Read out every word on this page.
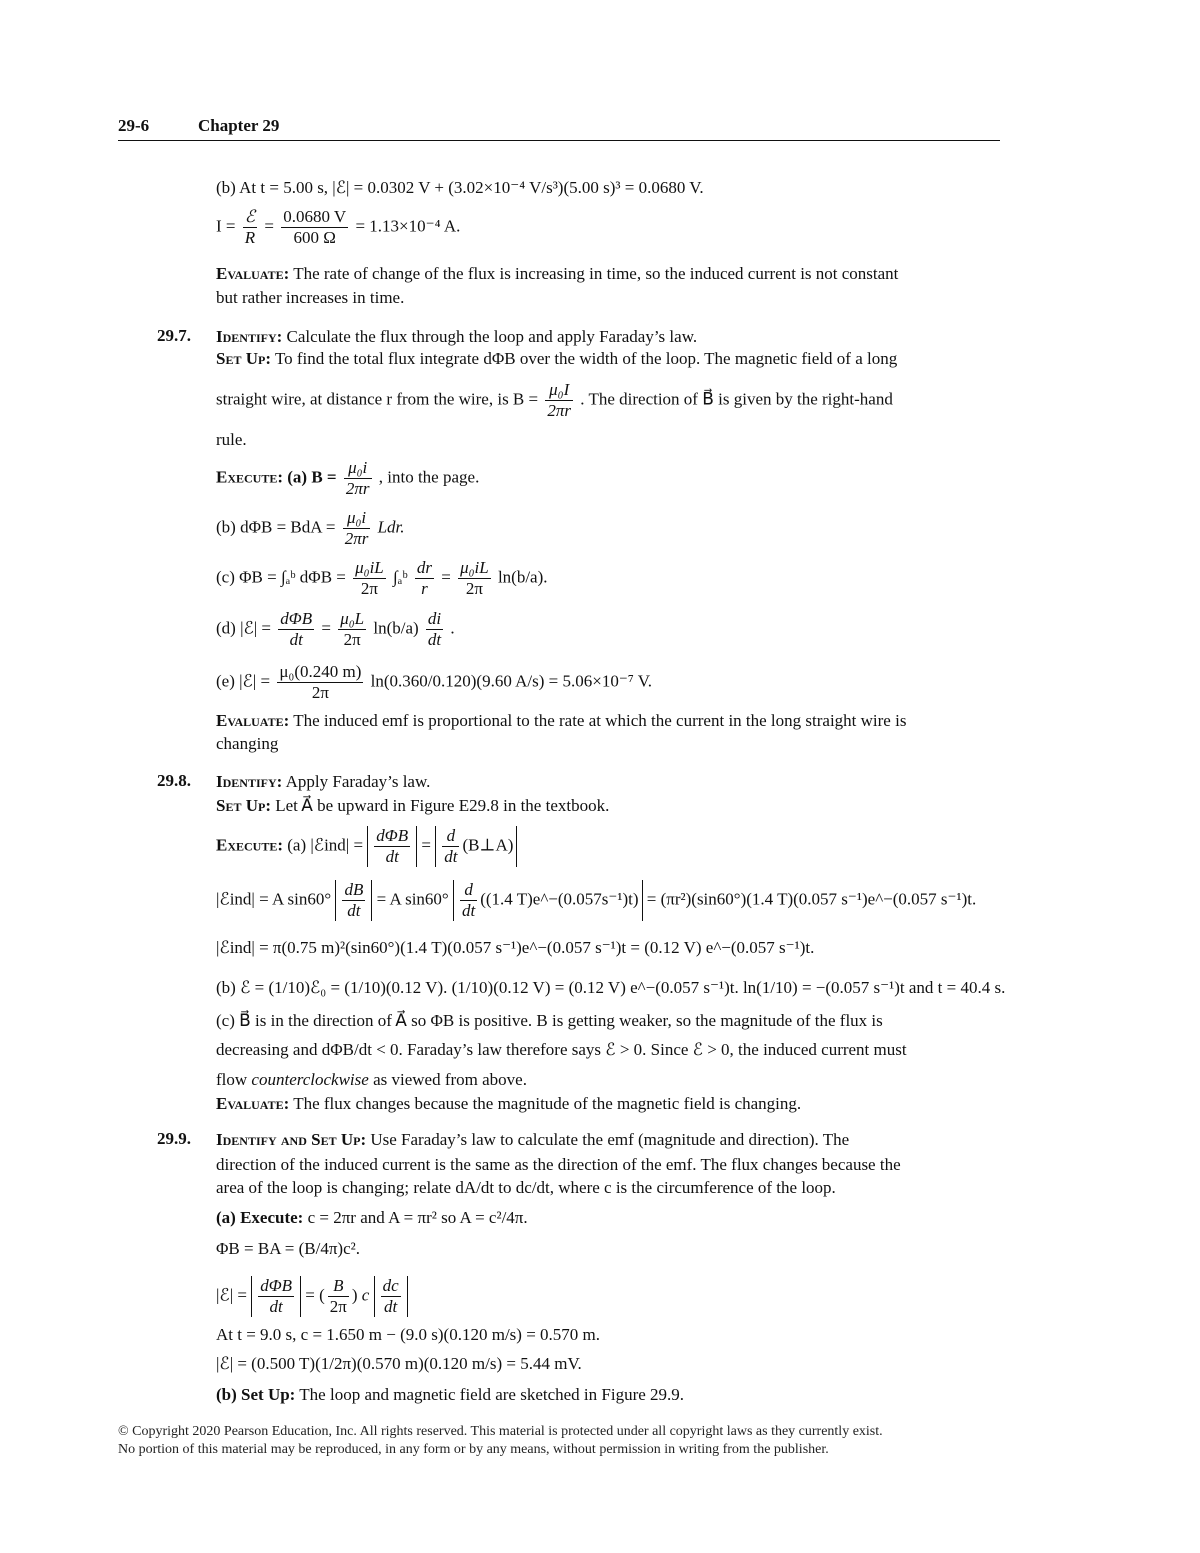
29-6	Chapter 29
(b) At t = 5.00 s, |ℰ| = 0.0302 V + (3.02×10⁻⁴ V/s³)(5.00 s)³ = 0.0680 V.
$I = \frac{\text{ℰ}}{R} = \frac{0.0680 V}{600 \Omega} = 1.13\times 10^{-4}$ A.
Evaluate: The rate of change of the flux is increasing in time, so the induced current is not constant
but rather increases in time.
29.7. Identify: Calculate the flux through the loop and apply Faraday’s law.
Set Up: To find the total flux integrate dΦB over the width of the loop. The magnetic field of a long
straight wire, at distance r from the wire, is $B = \frac{\text{μ₀I}}{2\pi r}$ . The direction of B⃗ is given by the right-hand
rule.
Execute: (a) $B = \frac{\text{μ₀i}}{2\pi r}$ , into the page.
(b) dΦB = BdA = $\frac{\text{μ₀i}}{2\pi r}$ Ldr.
(c) ΦB = ∫ₐᵇ $d\Phi B = \frac{\text{μ₀iL}}{2\pi}$ ∫ₐᵇ $\frac{dr}{r} = \frac{\text{μ₀iL}}{2\pi} \ln(b/a)$.
(d) |ℰ| = $\frac{\text{dΦB}}{dt} = \frac{\text{μ₀L}}{2\pi} \ln(b/a) \frac{di}{dt}$ .
(e) |ℰ| = $\frac{\text{μ₀(0.240 m)}}{2\pi} \ln(0.360/0.120)(9.60$ A/s) = 5.06×10⁻⁷ V.
Evaluate: The induced emf is proportional to the rate at which the current in the long straight wire is
changing
29.8. Identify: Apply Faraday’s law.
Set Up: Let A⃗ be upward in Figure E29.8 in the textbook.
Execute: (a) |ℰind| = $\frac{\text{dΦB}}{dt} = \frac{d}{dt}$ (B⊥A)
|ℰind| = A $\sin 60^\circ \frac{dB}{dt} = A$ $\sin 60^\circ \frac{d}{dt} ((1.4$ T)e^−(0.057s⁻¹)t) = (πr²)(sin60°)(1.4 T)(0.057 s⁻¹)e^−(0.057 s⁻¹)t.
|ℰind| = π(0.75 m)²(sin60°)(1.4 T)(0.057 s⁻¹)e^−(0.057 s⁻¹)t = (0.12 V) e^−(0.057 s⁻¹)t.
(b) ℰ = (1/10)ℰ₀ = (1/10)(0.12 V). (1/10)(0.12 V) = (0.12 V) e^−(0.057 s⁻¹)t. ln(1/10) = −(0.057 s⁻¹)t and t = 40.4 s.
(c) B⃗ is in the direction of A⃗ so ΦB is positive. B is getting weaker, so the magnitude of the flux is
decreasing and dΦB/dt < 0. Faraday’s law therefore says ℰ > 0. Since ℰ > 0, the induced current must
flow counterclockwise as viewed from above.
Evaluate: The flux changes because the magnitude of the magnetic field is changing.
29.9. Identify and Set Up: Use Faraday’s law to calculate the emf (magnitude and direction). The
direction of the induced current is the same as the direction of the emf. The flux changes because the
area of the loop is changing; relate dA/dt to dc/dt, where c is the circumference of the loop.
(a) Execute: c = 2πr and A = πr² so A = c²/4π.
ΦB = BA = (B/4π)c².
|ℰ| = $\frac{\text{dΦB}}{dt}$ = ( $\frac{B}{2\pi}$ ) c $\frac{dc}{dt}$
At t = 9.0 s, c = 1.650 m − (9.0 s)(0.120 m/s) = 0.570 m.
|ℰ| = (0.500 T)(1/2π)(0.570 m)(0.120 m/s) = 5.44 mV.
(b) Set Up: The loop and magnetic field are sketched in Figure 29.9.
© Copyright 2020 Pearson Education, Inc. All rights reserved. This material is protected under all copyright laws as they currently exist.
No portion of this material may be reproduced, in any form or by any means, without permission in writing from the publisher.
